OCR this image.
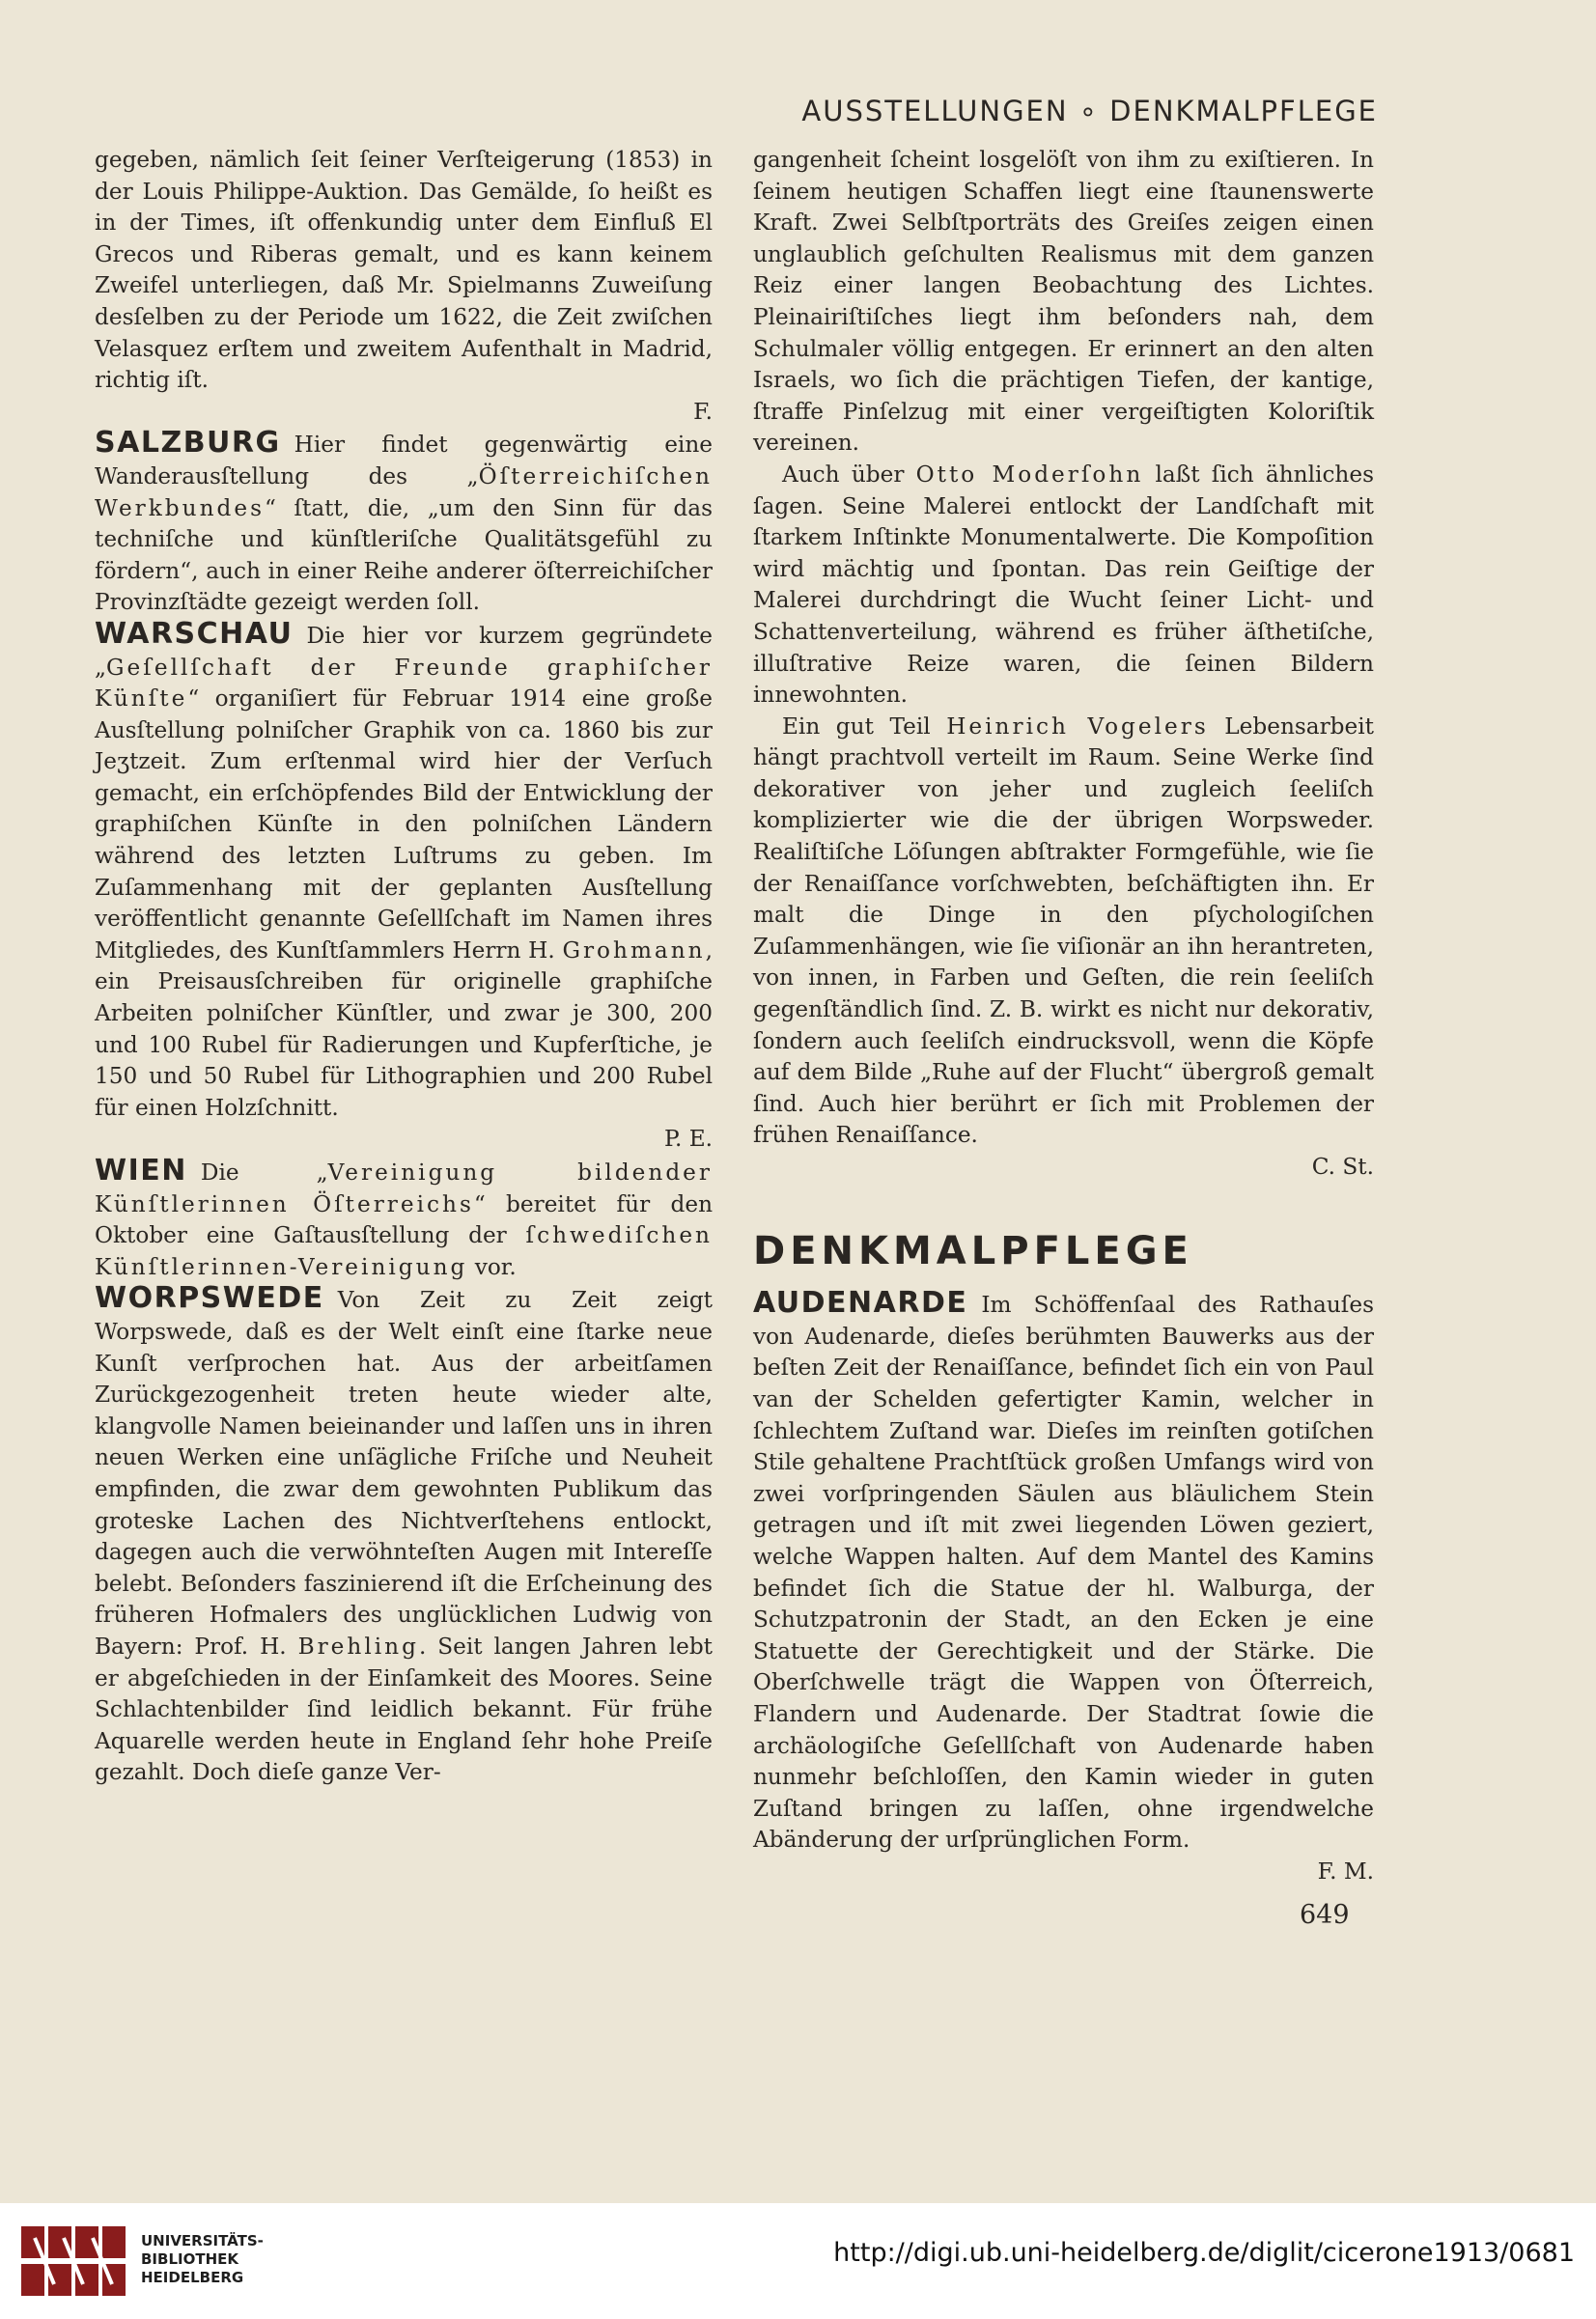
AUSSTELLUNGEN ∘ DENKMALPFLEGE

gegeben, nämlich ſeit ſeiner Verſteigerung (1853) in der Louis Philippe-Auktion. Das Gemälde, ſo heißt es in der Times, iſt offenkundig unter dem Einfluß El Grecos und Riberas gemalt, und es kann keinem Zweifel unterliegen, daß Mr. Spielmanns Zuweiſung desſelben zu der Periode um 1622, die Zeit zwiſchen Velasquez erſtem und zweitem Aufenthalt in Madrid, richtig iſt.

F.

SALZBURG Hier findet gegenwärtig eine Wanderausſtellung des „Öſterreichiſchen Werkbundes“ ſtatt, die, „um den Sinn für das techniſche und künſtleriſche Qualitätsgefühl zu fördern“, auch in einer Reihe anderer öſterreichiſcher Provinzſtädte gezeigt werden ſoll.

WARSCHAU Die hier vor kurzem gegründete „Geſellſchaft der Freunde graphiſcher Künſte“ organiſiert für Februar 1914 eine große Ausſtellung polniſcher Graphik von ca. 1860 bis zur Jeʒtzeit. Zum erſtenmal wird hier der Verſuch gemacht, ein erſchöpfendes Bild der Entwicklung der graphiſchen Künſte in den polniſchen Ländern während des letzten Luſtrums zu geben. Im Zuſammenhang mit der geplanten Ausſtellung veröffentlicht genannte Geſellſchaft im Namen ihres Mitgliedes, des Kunſtſammlers Herrn H. Grohmann, ein Preisausſchreiben für originelle graphiſche Arbeiten polniſcher Künſtler, und zwar je 300, 200 und 100 Rubel für Radierungen und Kupferſtiche, je 150 und 50 Rubel für Lithographien und 200 Rubel für einen Holzſchnitt.

P. E.

WIEN Die „Vereinigung bildender Künſtlerinnen Öſterreichs“ bereitet für den Oktober eine Gaſtausſtellung der ſchwediſchen Künſtlerinnen-Vereinigung vor.

WORPSWEDE Von Zeit zu Zeit zeigt Worpswede, daß es der Welt einſt eine ſtarke neue Kunſt verſprochen hat. Aus der arbeitſamen Zurückgezogenheit treten heute wieder alte, klangvolle Namen beieinander und laſſen uns in ihren neuen Werken eine unſägliche Friſche und Neuheit empfinden, die zwar dem gewohnten Publikum das groteske Lachen des Nichtverſtehens entlockt, dagegen auch die verwöhnteſten Augen mit Intereſſe belebt. Beſonders faszinierend iſt die Erſcheinung des früheren Hofmalers des unglücklichen Ludwig von Bayern: Prof. H. Brehling. Seit langen Jahren lebt er abgeſchieden in der Einſamkeit des Moores. Seine Schlachtenbilder ſind leidlich bekannt. Für frühe Aquarelle werden heute in England ſehr hohe Preiſe gezahlt. Doch dieſe ganze Ver-

gangenheit ſcheint losgelöſt von ihm zu exiſtieren. In ſeinem heutigen Schaffen liegt eine ſtaunenswerte Kraft. Zwei Selbſtporträts des Greiſes zeigen einen unglaublich geſchulten Realismus mit dem ganzen Reiz einer langen Beobachtung des Lichtes. Pleinairiſtiſches liegt ihm beſonders nah, dem Schulmaler völlig entgegen. Er erinnert an den alten Israels, wo ſich die prächtigen Tiefen, der kantige, ſtraffe Pinſelzug mit einer vergeiſtigten Koloriſtik vereinen.

Auch über Otto Moderſohn laßt ſich ähnliches ſagen. Seine Malerei entlockt der Landſchaft mit ſtarkem Inſtinkte Monumentalwerte. Die Kompoſition wird mächtig und ſpontan. Das rein Geiſtige der Malerei durchdringt die Wucht ſeiner Licht- und Schattenverteilung, während es früher äſthetiſche, illuſtrative Reize waren, die ſeinen Bildern innewohnten.

Ein gut Teil Heinrich Vogelers Lebensarbeit hängt prachtvoll verteilt im Raum. Seine Werke ſind dekorativer von jeher und zugleich ſeeliſch komplizierter wie die der übrigen Worpsweder. Realiſtiſche Löſungen abſtrakter Formgefühle, wie ſie der Renaiſſance vorſchwebten, beſchäftigten ihn. Er malt die Dinge in den pſychologiſchen Zuſammenhängen, wie ſie viſionär an ihn herantreten, von innen, in Farben und Geſten, die rein ſeeliſch gegenſtändlich ſind. Z. B. wirkt es nicht nur dekorativ, ſondern auch ſeeliſch eindrucksvoll, wenn die Köpfe auf dem Bilde „Ruhe auf der Flucht“ übergroß gemalt ſind. Auch hier berührt er ſich mit Problemen der frühen Renaiſſance.

C. St.
DENKMALPFLEGE

AUDENARDE Im Schöffenſaal des Rathauſes von Audenarde, dieſes berühmten Bauwerks aus der beſten Zeit der Renaiſſance, befindet ſich ein von Paul van der Schelden gefertigter Kamin, welcher in ſchlechtem Zuſtand war. Dieſes im reinſten gotiſchen Stile gehaltene Prachtſtück großen Umfangs wird von zwei vorſpringenden Säulen aus bläulichem Stein getragen und iſt mit zwei liegenden Löwen geziert, welche Wappen halten. Auf dem Mantel des Kamins befindet ſich die Statue der hl. Walburga, der Schutzpatronin der Stadt, an den Ecken je eine Statuette der Gerechtigkeit und der Stärke. Die Oberſchwelle trägt die Wappen von Öſterreich, Flandern und Audenarde. Der Stadtrat ſowie die archäologiſche Geſellſchaft von Audenarde haben nunmehr beſchloſſen, den Kamin wieder in guten Zuſtand bringen zu laſſen, ohne irgendwelche Abänderung der urſprünglichen Form.

F. M.
649
UNIVERSITÄTS-
BIBLIOTHEK
HEIDELBERG
http://digi.ub.uni-heidelberg.de/diglit/cicerone1913/0681
